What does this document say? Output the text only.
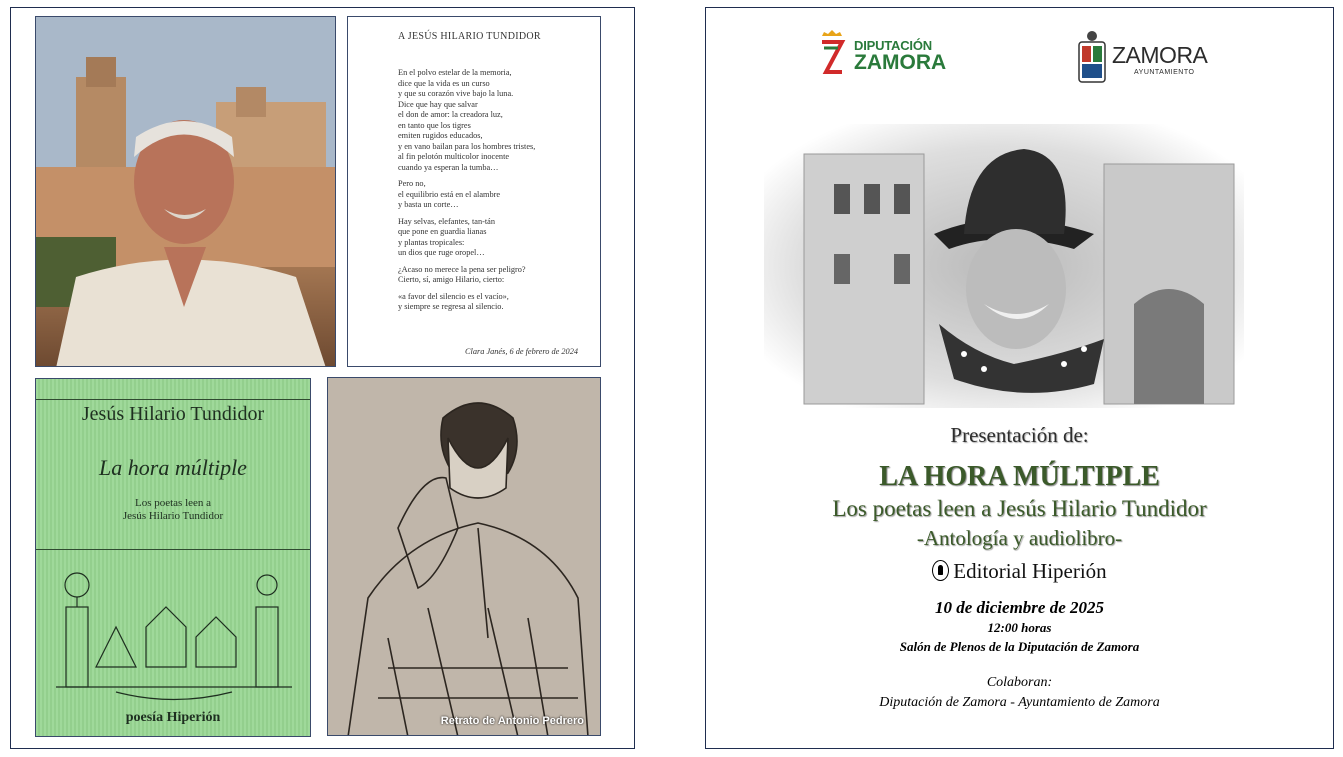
A JESÚS HILARIO TUNDIDOR

En el polvo estelar de la memoria,
dice que la vida es un curso
y que su corazón vive bajo la luna.
Dice que hay que salvar
el don de amor: la creadora luz,
en tanto que los tigres
emiten rugidos educados,
y en vano bailan para los hombres tristes,
al fin pelotón multicolor inocente
cuando ya esperan la tumba…

Pero no,
el equilibrio está en el alambre
y basta un corte…

Hay selvas, elefantes, tan-tán
que pone en guardia lianas
y plantas tropicales:
un dios que ruge oropel…

¿Acaso no merece la pena ser peligro?
Cierto, sí, amigo Hilario, cierto:

«a favor del silencio es el vacío»,
y siempre se regresa al silencio.

Clara Janés, 6 de febrero de 2024
Jesús Hilario Tundidor
La hora múltiple
Los poetas leen a
Jesús Hilario Tundidor
poesía Hiperión	Retrato de Antonio Pedrero
DIPUTACIÓN
ZAMORA	ZAMORA
AYUNTAMIENTO
Presentación de:
LA HORA MÚLTIPLE
Los poetas leen a Jesús Hilario Tundidor
-Antología y audiolibro-
Editorial Hiperión
10 de diciembre de 2025
12:00 horas
Salón de Plenos de la Diputación de Zamora
Colaboran:
Diputación de Zamora - Ayuntamiento de Zamora
